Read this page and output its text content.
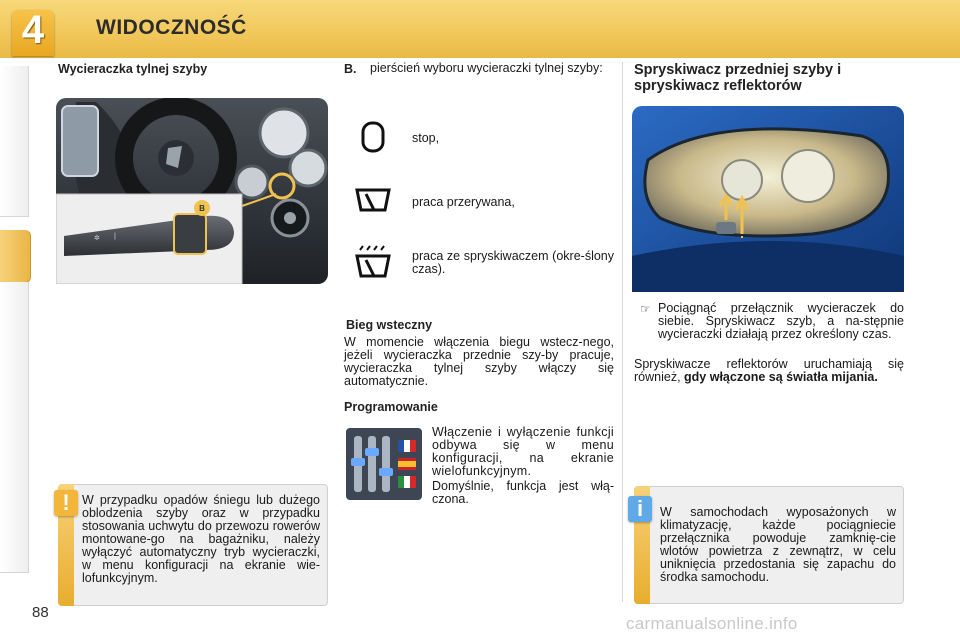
4	WIDOCZNOŚĆ
Wycieraczka tylnej szyby
✲ ❘
B
! W przypadku opadów śniegu lub dużego oblodzenia szyby oraz w przypadku stosowania uchwytu do przewozu rowerów montowane-go na bagażniku, należy wyłączyć automatyczny tryb wycieraczki, w menu konfiguracji na ekranie wie-lofunkcyjnym.
B. pierścień wyboru wycieraczki tylnej szyby:
stop,
praca przerywana,
praca ze spryskiwaczem (okre-ślony czas).
Bieg wsteczny
W momencie włączenia biegu wstecz-nego, jeżeli wycieraczka przednie szy-by pracuje, wycieraczka tylnej szyby włączy się automatycznie.
Programowanie
Włączenie i wyłączenie funkcji odbywa się w menu konfiguracji, na ekranie wielofunkcyjnym.
Domyślnie, funkcja jest włą-czona.
Spryskiwacz przedniej szyby i spryskiwacz reflektorów
☞ Pociągnąć przełącznik wycieraczek do siebie. Spryskiwacz szyb, a na-stępnie wycieraczki działają przez określony czas.
Spryskiwacze reflektorów uruchamiają się również, gdy włączone są światła mijania.
i	W samochodach wyposażonych w klimatyzację, każde pociągniecie przełącznika powoduje zamknię-cie wlotów powietrza z zewnątrz, w celu uniknięcia przedostania się zapachu do środka samochodu.
88
carmanualsonline.info
